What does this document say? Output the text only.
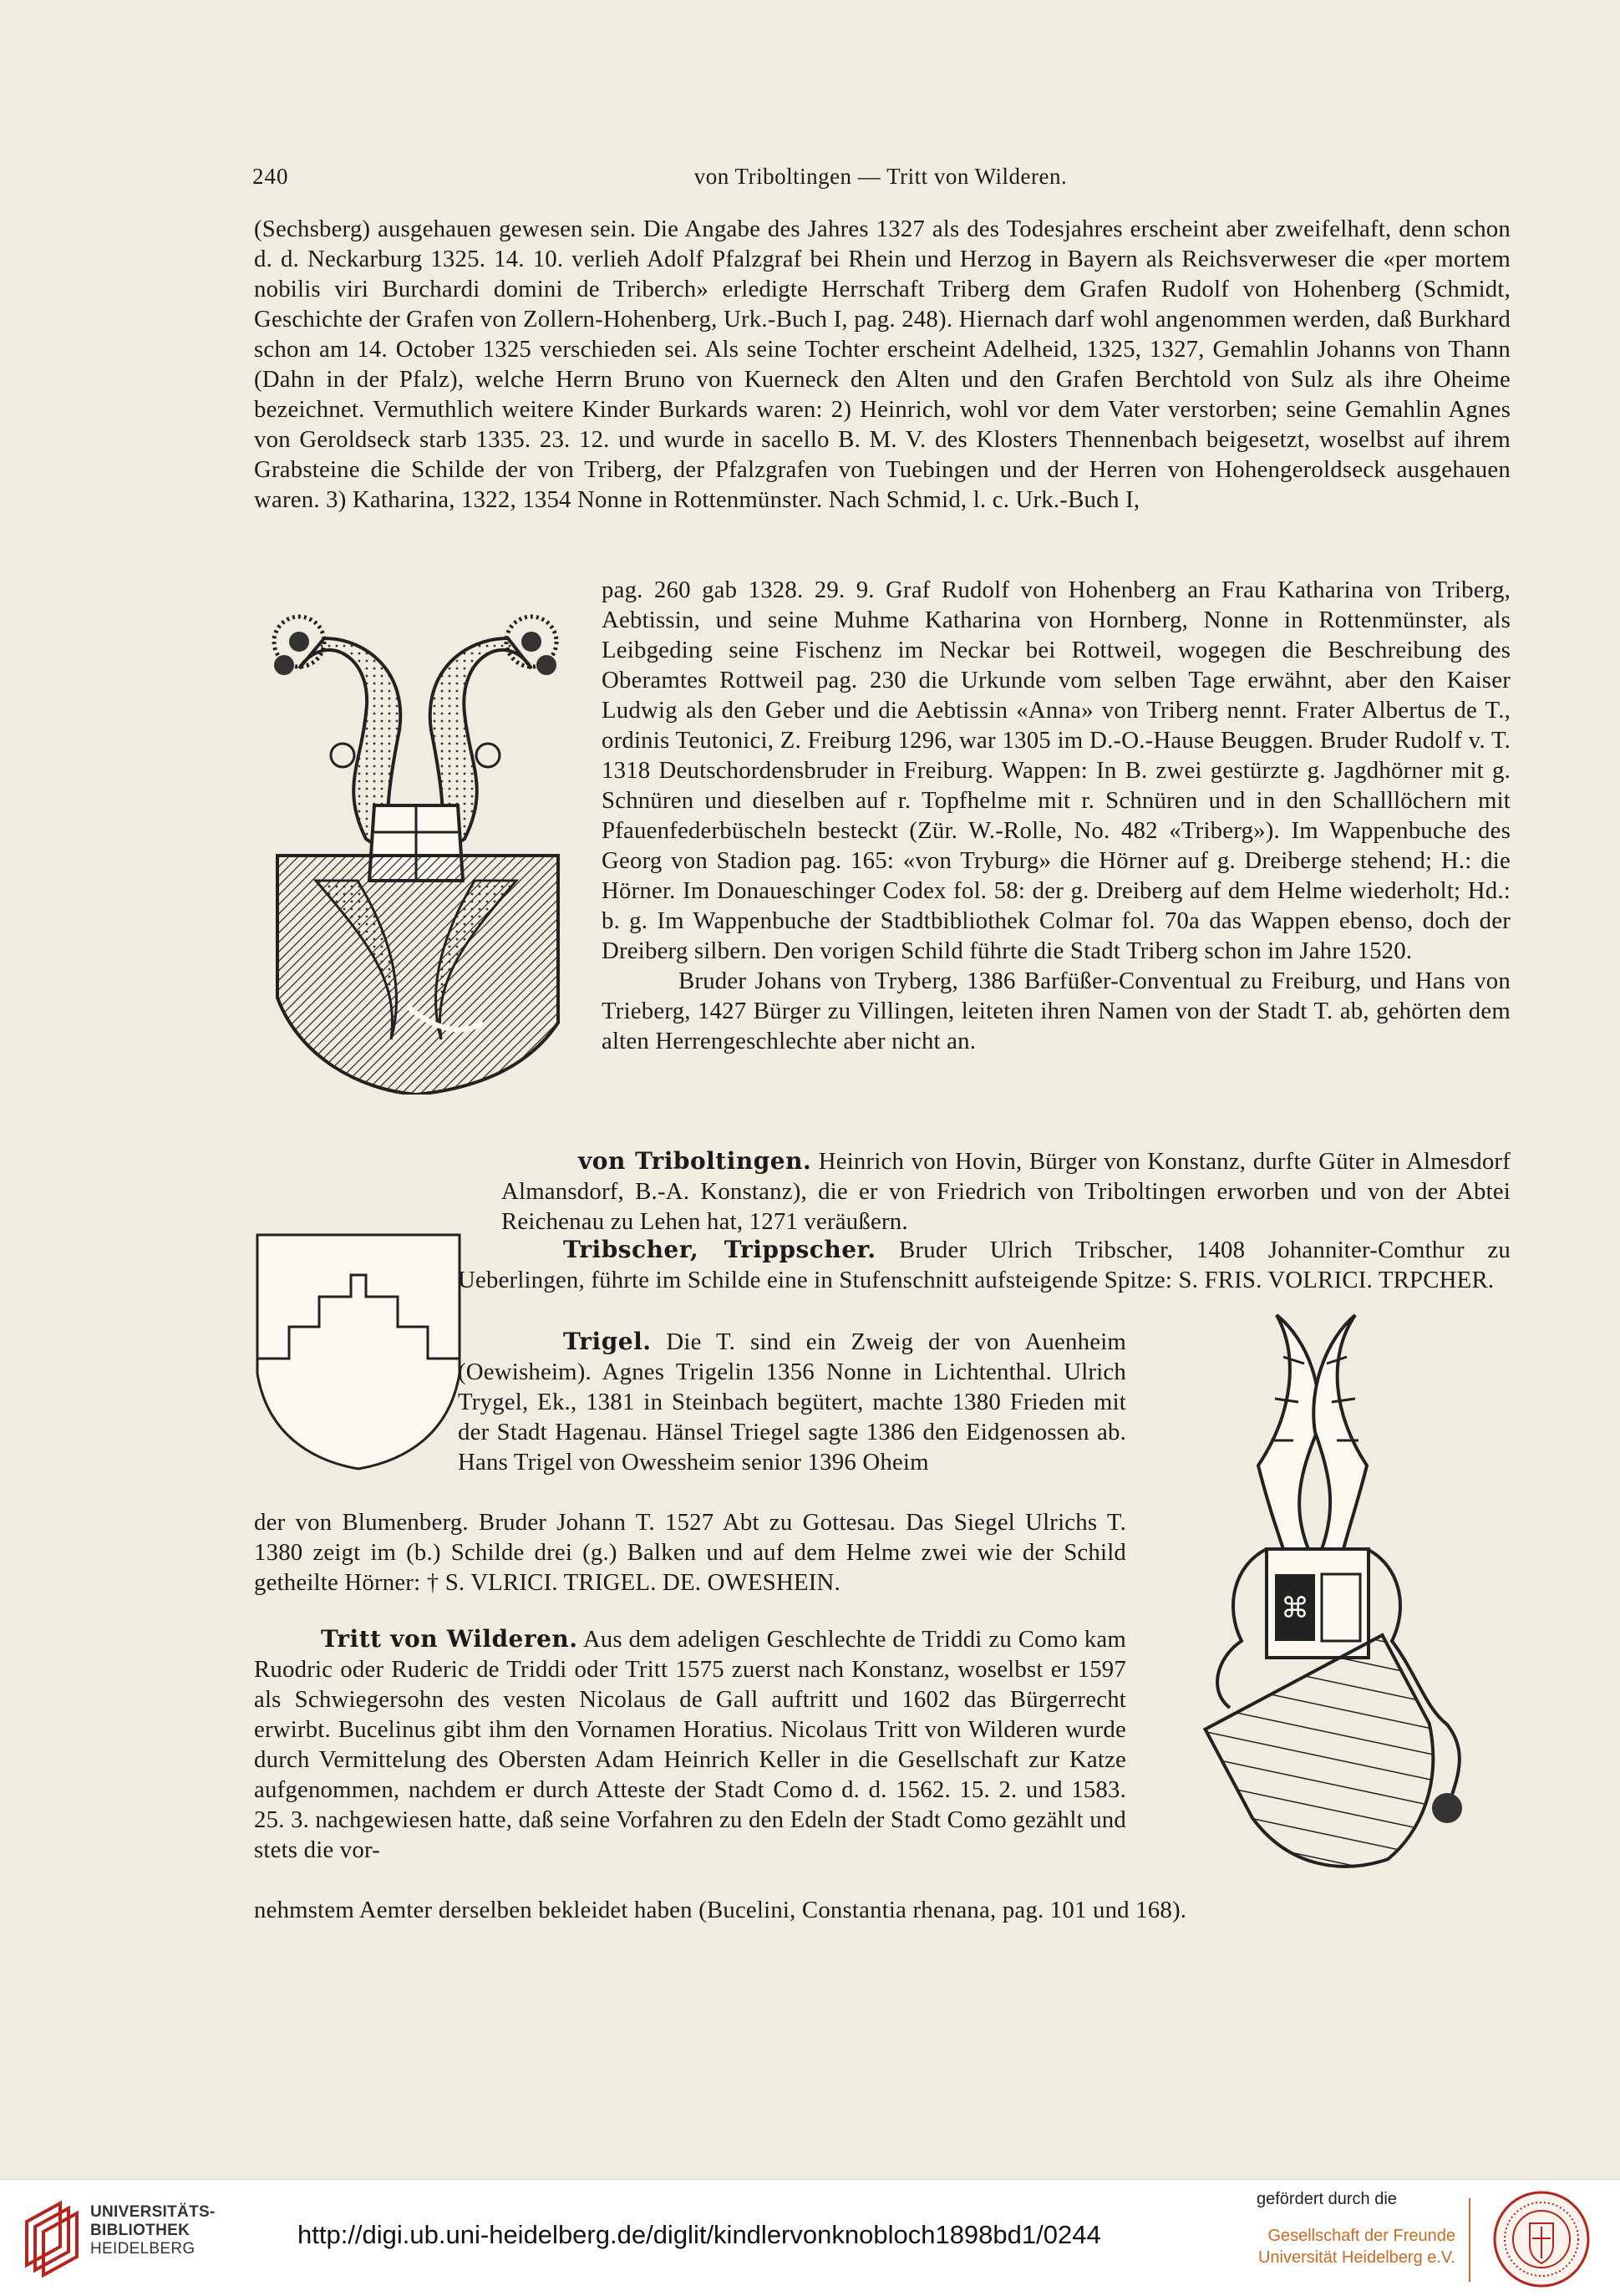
240	von Triboltingen — Tritt von Wilderen.

(Sechsberg) ausgehauen gewesen sein. Die Angabe des Jahres 1327 als des Todesjahres erscheint aber zweifelhaft, denn schon d. d. Neckarburg 1325. 14. 10. verlieh Adolf Pfalzgraf bei Rhein und Herzog in Bayern als Reichsverweser die «per mortem nobilis viri Burchardi domini de Triberch» erledigte Herrschaft Triberg dem Grafen Rudolf von Hohenberg (Schmidt, Geschichte der Grafen von Zollern-Hohenberg, Urk.-Buch I, pag. 248). Hiernach darf wohl angenommen werden, daß Burkhard schon am 14. October 1325 verschieden sei. Als seine Tochter erscheint Adelheid, 1325, 1327, Gemahlin Johanns von Thann (Dahn in der Pfalz), welche Herrn Bruno von Kuerneck den Alten und den Grafen Berchtold von Sulz als ihre Oheime bezeichnet. Vermuthlich weitere Kinder Burkards waren: 2) Heinrich, wohl vor dem Vater verstorben; seine Gemahlin Agnes von Geroldseck starb 1335. 23. 12. und wurde in sacello B. M. V. des Klosters Thennenbach beigesetzt, woselbst auf ihrem Grabsteine die Schilde der von Triberg, der Pfalzgrafen von Tuebingen und der Herren von Hohengeroldseck ausgehauen waren. 3) Katharina, 1322, 1354 Nonne in Rottenmünster. Nach Schmid, l. c. Urk.-Buch I,

pag. 260 gab 1328. 29. 9. Graf Rudolf von Hohenberg an Frau Katharina von Triberg, Aebtissin, und seine Muhme Katharina von Hornberg, Nonne in Rottenmünster, als Leibgeding seine Fischenz im Neckar bei Rottweil, wogegen die Beschreibung des Oberamtes Rottweil pag. 230 die Urkunde vom selben Tage erwähnt, aber den Kaiser Ludwig als den Geber und die Aebtissin «Anna» von Triberg nennt. Frater Albertus de T., ordinis Teutonici, Z. Freiburg 1296, war 1305 im D.-O.-Hause Beuggen. Bruder Rudolf v. T. 1318 Deutschordensbruder in Freiburg. Wappen: In B. zwei gestürzte g. Jagdhörner mit g. Schnüren und dieselben auf r. Topfhelme mit r. Schnüren und in den Schalllöchern mit Pfauenfederbüscheln besteckt (Zür. W.-Rolle, No. 482 «Triberg»). Im Wappenbuche des Georg von Stadion pag. 165: «von Tryburg» die Hörner auf g. Dreiberge stehend; H.: die Hörner. Im Donaueschinger Codex fol. 58: der g. Dreiberg auf dem Helme wiederholt; Hd.: b. g. Im Wappenbuche der Stadtbibliothek Colmar fol. 70a das Wappen ebenso, doch der Dreiberg silbern. Den vorigen Schild führte die Stadt Triberg schon im Jahre 1520.

Bruder Johans von Tryberg, 1386 Barfüßer-Conventual zu Freiburg, und Hans von Trieberg, 1427 Bürger zu Villingen, leiteten ihren Namen von der Stadt T. ab, gehörten dem alten Herrengeschlechte aber nicht an.

von Triboltingen. Heinrich von Hovin, Bürger von Konstanz, durfte Güter in Almesdorf Almansdorf, B.-A. Konstanz), die er von Friedrich von Triboltingen erworben und von der Abtei Reichenau zu Lehen hat, 1271 veräußern.

Tribscher, Trippscher. Bruder Ulrich Tribscher, 1408 Johanniter-Comthur zu Ueberlingen, führte im Schilde eine in Stufenschnitt aufsteigende Spitze: S. FRIS. VOLRICI. TRPCHER.

Trigel. Die T. sind ein Zweig der von Auenheim (Oewisheim). Agnes Trigelin 1356 Nonne in Lichtenthal. Ulrich Trygel, Ek., 1381 in Steinbach begütert, machte 1380 Frieden mit der Stadt Hagenau. Hänsel Triegel sagte 1386 den Eidgenossen ab. Hans Trigel von Owessheim senior 1396 Oheim

der von Blumenberg. Bruder Johann T. 1527 Abt zu Gottesau. Das Siegel Ulrichs T. 1380 zeigt im (b.) Schilde drei (g.) Balken und auf dem Helme zwei wie der Schild getheilte Hörner: † S. VLRICI. TRIGEL. DE. OWESHEIN.

⌘

Tritt von Wilderen. Aus dem adeligen Geschlechte de Triddi zu Como kam Ruodric oder Ruderic de Triddi oder Tritt 1575 zuerst nach Konstanz, woselbst er 1597 als Schwiegersohn des vesten Nicolaus de Gall auftritt und 1602 das Bürgerrecht erwirbt. Bucelinus gibt ihm den Vornamen Horatius. Nicolaus Tritt von Wilderen wurde durch Vermittelung des Obersten Adam Heinrich Keller in die Gesellschaft zur Katze aufgenommen, nachdem er durch Atteste der Stadt Como d. d. 1562. 15. 2. und 1583. 25. 3. nachgewiesen hatte, daß seine Vorfahren zu den Edeln der Stadt Como gezählt und stets die vor-

nehmstem Aemter derselben bekleidet haben (Bucelini, Constantia rhenana, pag. 101 und 168).

UNIVERSITÄTS-
BIBLIOTHEK
HEIDELBERG	http://digi.ub.uni-heidelberg.de/diglit/kindlervonknobloch1898bd1/0244
gefördert durch die
Gesellschaft der Freunde
Universität Heidelberg e.V.
